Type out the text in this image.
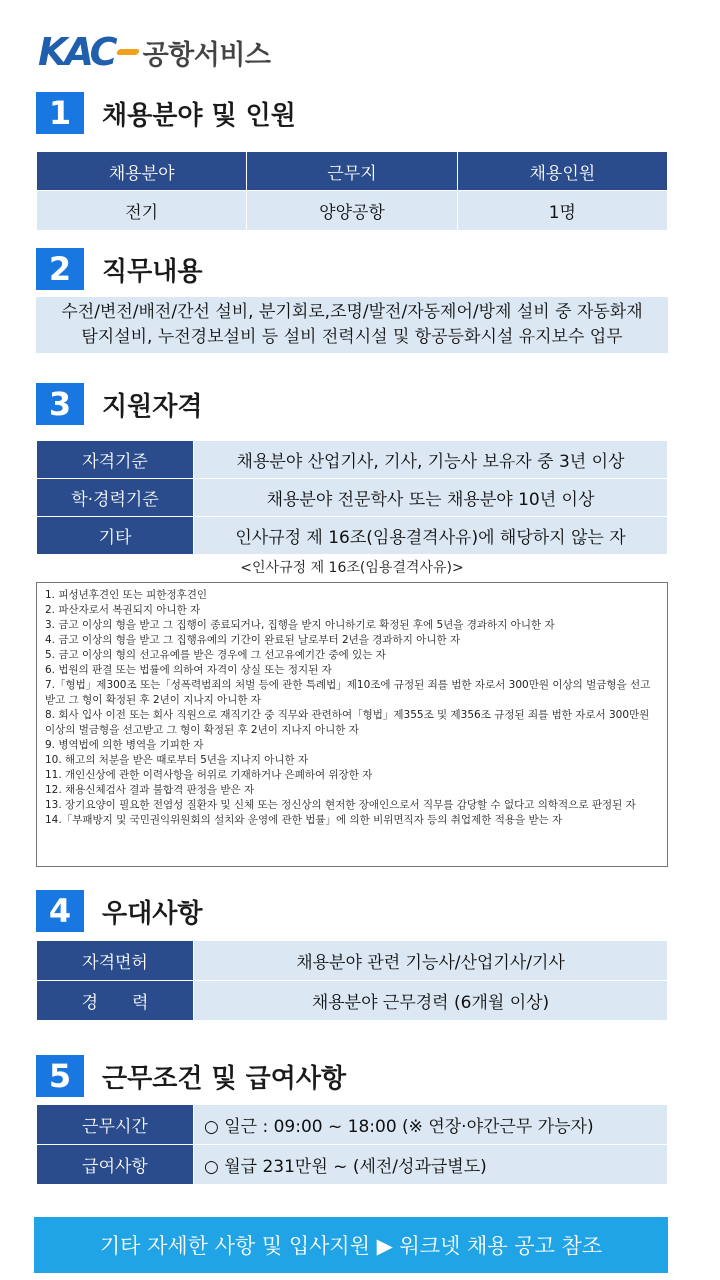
KAC 공항서비스
1	채용분야 및 인원
채용분야	근무지	채용인원
전기	양양공항	1명
2	직무내용
수전/변전/배전/간선 설비, 분기회로,조명/발전/자동제어/방제 설비 중 자동화재
탐지설비, 누전경보설비 등 설비 전력시설 및 항공등화시설 유지보수 업무
3	지원자격
자격기준	채용분야 산업기사, 기사, 기능사 보유자 중 3년 이상
학·경력기준	채용분야 전문학사 또는 채용분야 10년 이상
기타	인사규정 제 16조(임용결격사유)에 해당하지 않는 자
<인사규정 제 16조(임용결격사유)>
1. 피성년후견인 또는 피한정후견인
2. 파산자로서 복권되지 아니한 자
3. 금고 이상의 형을 받고 그 집행이 종료되거나, 집행을 받지 아니하기로 확정된 후에 5년을 경과하지 아니한 자
4. 금고 이상의 형을 받고 그 집행유예의 기간이 완료된 날로부터 2년을 경과하지 아니한 자
5. 금고 이상의 형의 선고유예를 받은 경우에 그 선고유예기간 중에 있는 자
6. 법원의 판결 또는 법률에 의하여 자격이 상실 또는 정지된 자
7.「형법」제300조 또는「성폭력범죄의 처벌 등에 관한 특례법」제10조에 규정된 죄를 범한 자로서 300만원 이상의 벌금형을 선고받고 그 형이 확정된 후 2년이 지나지 아니한 자
8. 회사 입사 이전 또는 회사 직원으로 재직기간 중 직무와 관련하여「형법」제355조 및 제356조 규정된 죄를 범한 자로서 300만원 이상의 벌금형을 선고받고 그 형이 확정된 후 2년이 지나지 아니한 자
9. 병역법에 의한 병역을 기피한 자
10. 해고의 처분을 받은 때로부터 5년을 지나지 아니한 자
11. 개인신상에 관한 이력사항을 허위로 기재하거나 은폐하여 위장한 자
12. 채용신체검사 결과 불합격 판정을 받은 자
13. 장기요양이 필요한 전염성 질환자 및 신체 또는 정신상의 현저한 장애인으로서 직무를 감당할 수 없다고 의학적으로 판정된 자
14.「부패방지 및 국민권익위원회의 설치와 운영에 관한 법률」에 의한 비위면직자 등의 취업제한 적용을 받는 자
4	우대사항
자격면허	채용분야 관련 기능사/산업기사/기사
경　　력	채용분야 근무경력 (6개월 이상)
5	근무조건 및 급여사항
근무시간	○ 일근 : 09:00 ~ 18:00 (※ 연장·야간근무 가능자)
급여사항	○ 월급 231만원 ~ (세전/성과급별도)
기타 자세한 사항 및 입사지원 ▶ 워크넷 채용 공고 참조
